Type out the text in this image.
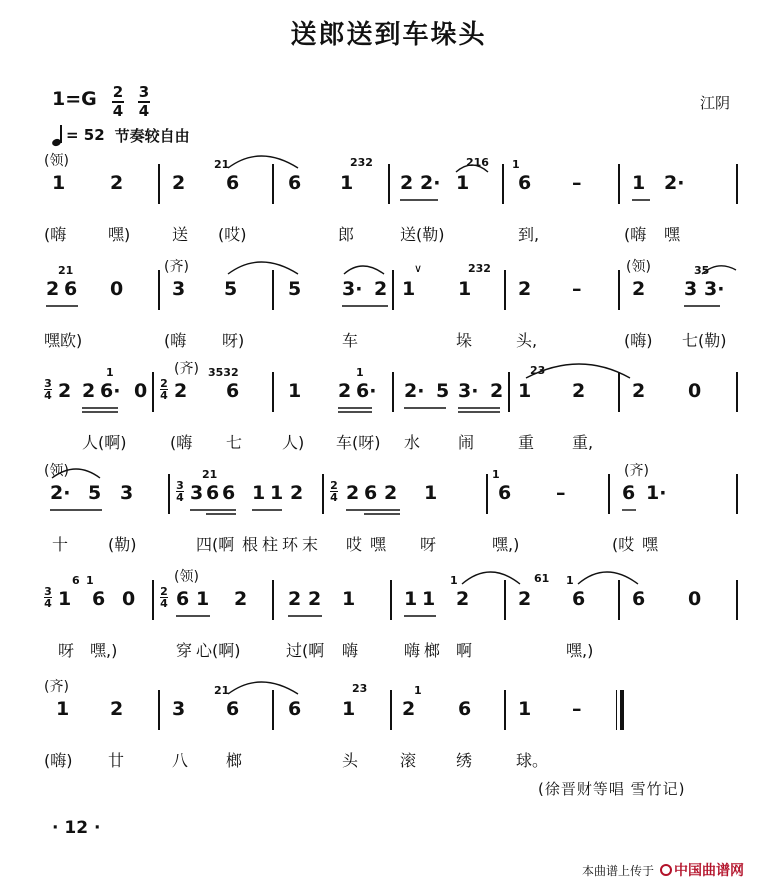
送郎送到车垛头
1=G 2
4
3
4	江阴
= 52 节奏较自由
(领)
1 2	2
21
6	6
232
1 2 2·
216
1
1
6 –	1 2·
(嗨	嘿)	送 (哎)	郎	送(勒)	到,	(嗨 嘿
(齐)	(领)
21
2 6 0	3 5	5 3· 2 1
232
1 2 –	2
35
3 3·
嘿欧)	(嗨 呀)	车	垛	头,	(嗨) 七(勒)
∨
(齐)
3
4 2 2
1
6· 0 2
4 2
3532
6	1 2
1
6· 2· 5 3· 2
23
1 2 2 0
人(啊)	(嗨 七 人) 车(呀) 水 闹	重 重,
(领)	(齐)
2· 5 3	3
4 3
21
6 6 1 1 2 2
4 2 6 2 1
1
6 –	6 1·
十 (勒)	四(啊 根 柱 环 末 哎 嘿 呀	嘿,)	(哎 嘿
(领)
3
4
6
1
1
6 0 2
4 6 1 2 2 2 1	1 1
1
2	2
61 1
6 6 0
呀 嘿,)	穿 心(啊)	过(啊 嗨	嗨 榔 啊	嘿,)
(齐)
1 2	3
21
6	6
23
1 2
1
6 1 –
(嗨) 廿	八 榔	头	滚 绣	球。
(徐晋财等唱 雪竹记)
· 12 ·
本曲谱上传于 中国曲谱网
